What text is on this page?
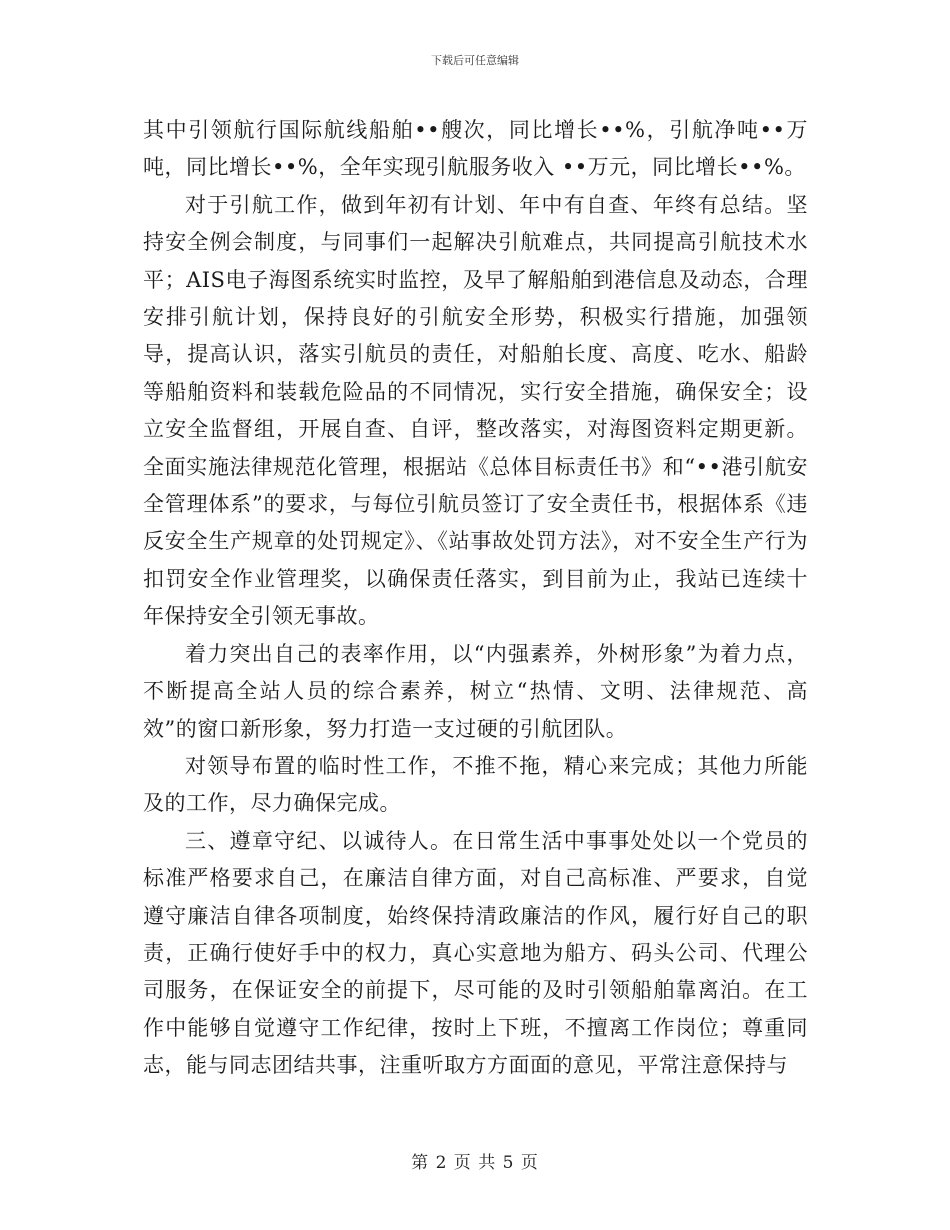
下载后可任意编辑

其中引领航行国际航线船舶••艘次，同比增长••%，引航净吨••万吨，同比增长••%，全年实现引航服务收入 ••万元，同比增长••%。

对于引航工作，做到年初有计划、年中有自查、年终有总结。坚持安全例会制度，与同事们一起解决引航难点，共同提高引航技术水平；AIS电子海图系统实时监控，及早了解船舶到港信息及动态，合理安排引航计划，保持良好的引航安全形势，积极实行措施，加强领导，提高认识，落实引航员的责任，对船舶长度、高度、吃水、船龄等船舶资料和装载危险品的不同情况，实行安全措施，确保安全；设立安全监督组，开展自查、自评，整改落实，对海图资料定期更新。全面实施法律规范化管理，根据站《总体目标责任书》和“••港引航安全管理体系”的要求，与每位引航员签订了安全责任书，根据体系《违反安全生产规章的处罚规定》、《站事故处罚方法》，对不安全生产行为扣罚安全作业管理奖，以确保责任落实，到目前为止，我站已连续十年保持安全引领无事故。

着力突出自己的表率作用，以“内强素养，外树形象”为着力点，不断提高全站人员的综合素养，树立“热情、文明、法律规范、高效”的窗口新形象，努力打造一支过硬的引航团队。

对领导布置的临时性工作，不推不拖，精心来完成；其他力所能及的工作，尽力确保完成。

三、遵章守纪、以诚待人。在日常生活中事事处处以一个党员的标准严格要求自己，在廉洁自律方面，对自己高标准、严要求，自觉遵守廉洁自律各项制度，始终保持清政廉洁的作风，履行好自己的职责，正确行使好手中的权力，真心实意地为船方、码头公司、代理公司服务，在保证安全的前提下，尽可能的及时引领船舶靠离泊。在工作中能够自觉遵守工作纪律，按时上下班，不擅离工作岗位；尊重同志，能与同志团结共事，注重听取方方面面的意见，平常注意保持与

第 2 页 共 5 页
